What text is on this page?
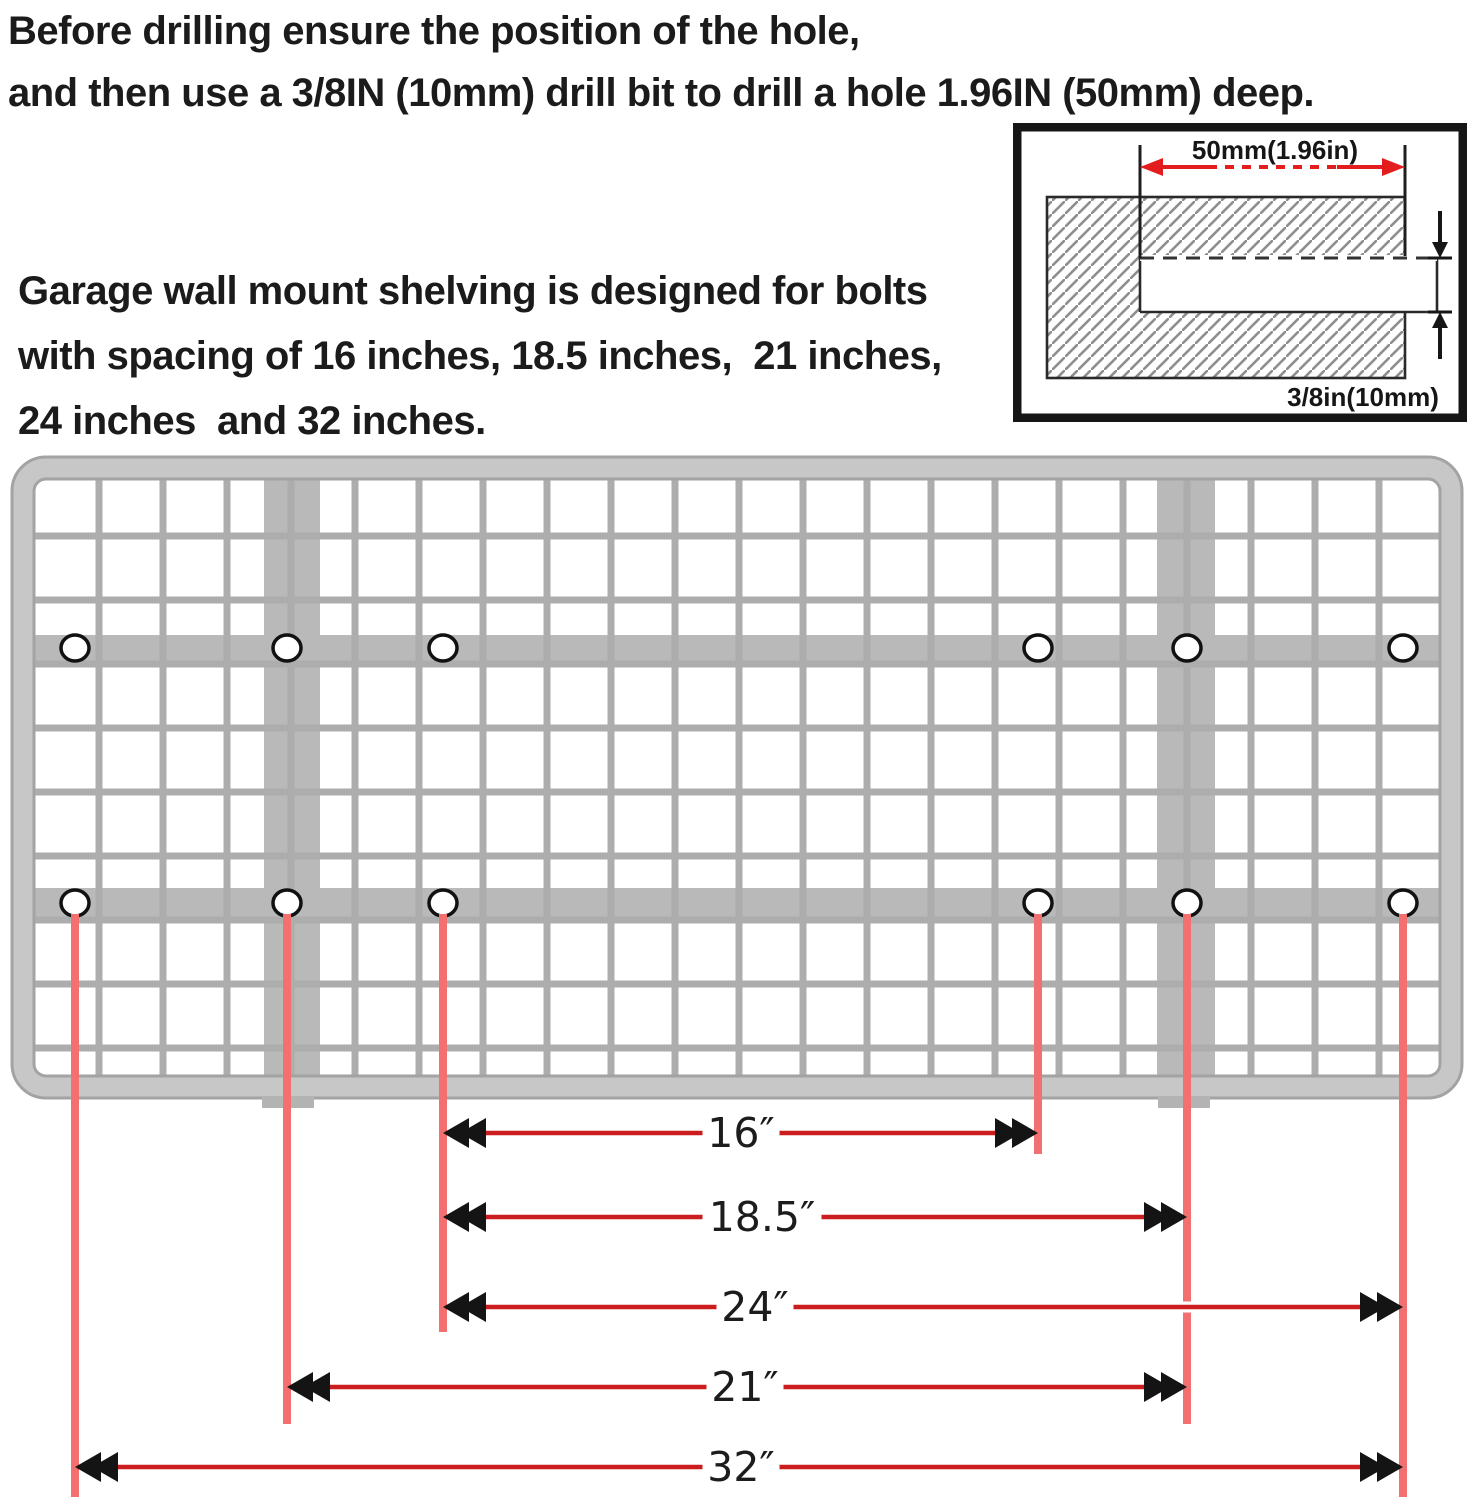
Before drilling ensure the position of the hole,
and then use a 3/8IN (10mm) drill bit to drill a hole 1.96IN (50mm) deep.
Garage wall mount shelving is designed for bolts
with spacing of 16 inches, 18.5 inches,  21 inches,
24 inches  and 32 inches.
50mm(1.96in)
3/8in(10mm)
16″
18.5″
24″
21″
32″
